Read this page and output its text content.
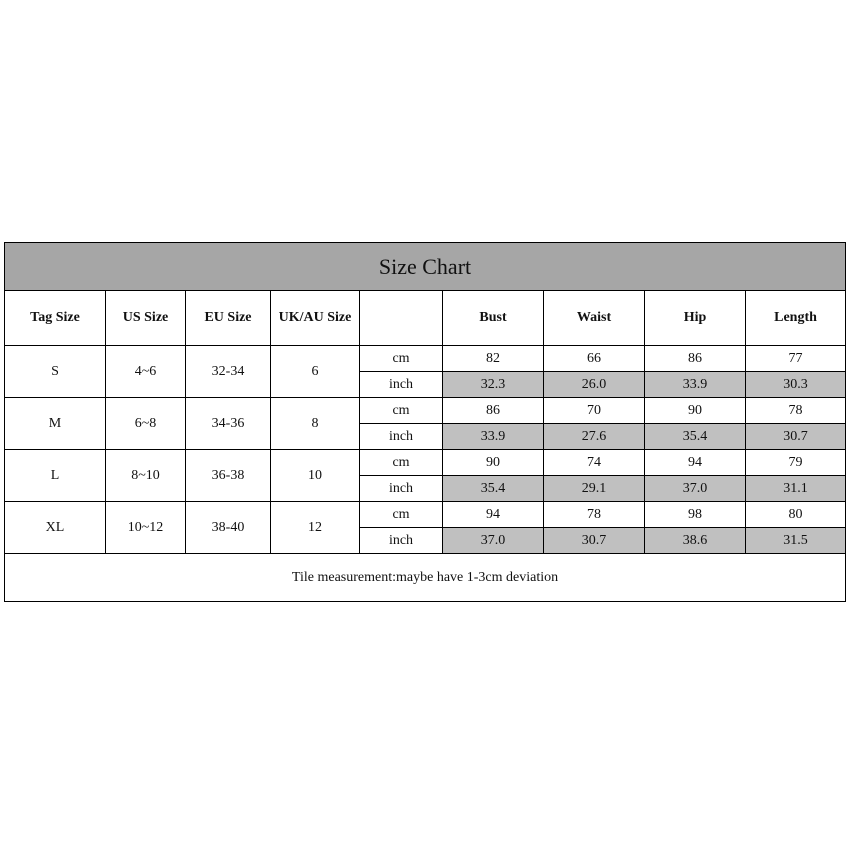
Size Chart								
Tag Size	US Size	EU Size	UK/AU Size		Bust	Waist	Hip	Length
S	4~6	32-34	6	cm	82	66	86	77
				inch	32.3	26.0	33.9	30.3
M	6~8	34-36	8	cm	86	70	90	78
				inch	33.9	27.6	35.4	30.7
L	8~10	36-38	10	cm	90	74	94	79
				inch	35.4	29.1	37.0	31.1
XL	10~12	38-40	12	cm	94	78	98	80
				inch	37.0	30.7	38.6	31.5
Tile measurement:maybe have 1-3cm deviation								
